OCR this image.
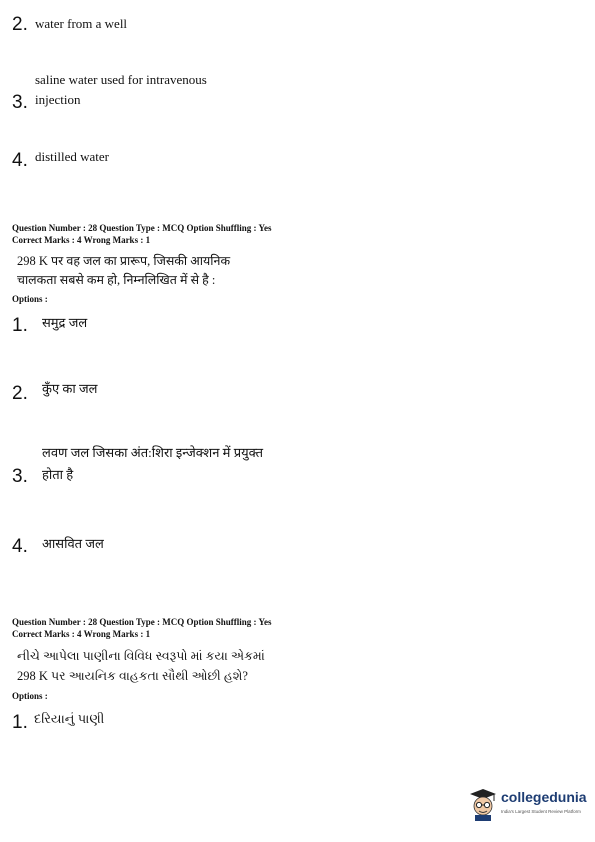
2. water from a well
saline water used for intravenous
3. injection
4. distilled water
Question Number : 28 Question Type : MCQ Option Shuffling : Yes
Correct Marks : 4 Wrong Marks : 1
298 K पर वह जल का प्रारूप, जिसकी आयनिक
चालकता सबसे कम हो, निम्नलिखित में से है :
Options :
1. समुद्र जल
2. कुँए का जल
लवण जल जिसका अंत:शिरा इन्जेक्शन में प्रयुक्त
3. होता है
4. आसवित जल
Question Number : 28 Question Type : MCQ Option Shuffling : Yes
Correct Marks : 4 Wrong Marks : 1
નીચે આપેલા પાણીના વિવિધ સ્વરૂપો માં કયા એકમાં
298 K પર આયનિક વાહકતા સૌથી ઓછી હશે?
Options :
1. દરિયાનું પાણી
collegedunia
India's Largest Student Review Platform
